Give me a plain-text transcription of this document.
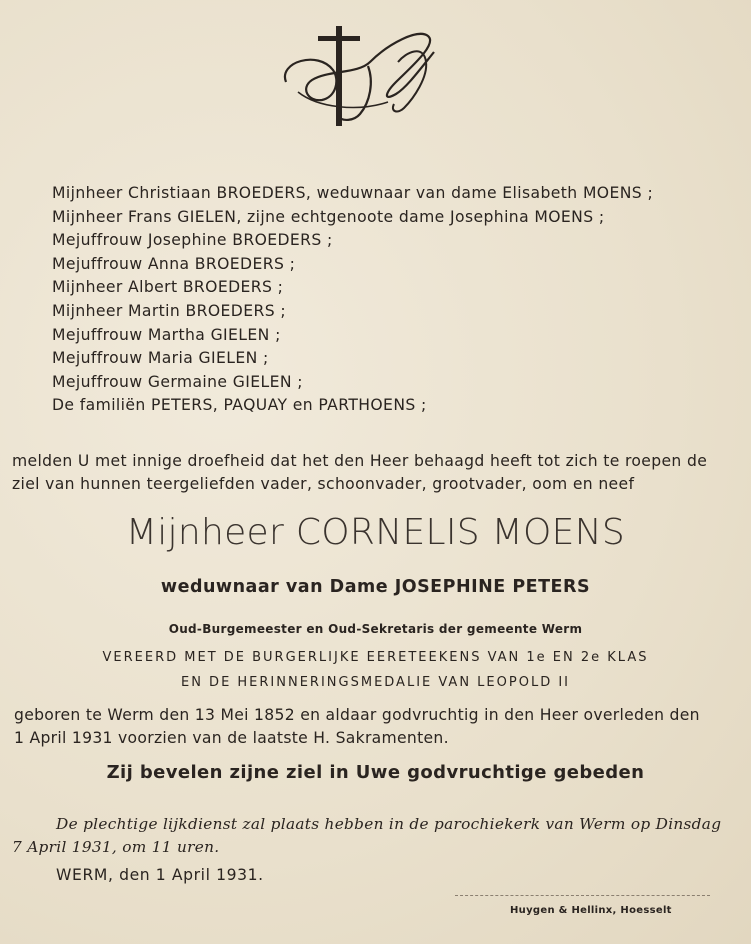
Mijnheer Christiaan BROEDERS, weduwnaar van dame Elisabeth MOENS ;
Mijnheer Frans GIELEN, zijne echtgenoote dame Josephina MOENS ;
Mejuffrouw Josephine BROEDERS ;
Mejuffrouw Anna BROEDERS ;
Mijnheer Albert BROEDERS ;
Mijnheer Martin BROEDERS ;
Mejuffrouw Martha GIELEN ;
Mejuffrouw Maria GIELEN ;
Mejuffrouw Germaine GIELEN ;
De familiën PETERS, PAQUAY en PARTHOENS ;
melden U met innige droefheid dat het den Heer behaagd heeft tot zich te roepen de
ziel van hunnen teergeliefden vader, schoonvader, grootvader, oom en neef
Mijnheer CORNELIS MOENS
weduwnaar van Dame JOSEPHINE PETERS
Oud-Burgemeester en Oud-Sekretaris der gemeente Werm
VEREERD MET DE BURGERLIJKE EERETEEKENS VAN 1e EN 2e KLAS
EN DE HERINNERINGSMEDALIE VAN LEOPOLD II
geboren te Werm den 13 Mei 1852 en aldaar godvruchtig in den Heer overleden den
1 April 1931 voorzien van de laatste H. Sakramenten.
Zij bevelen zijne ziel in Uwe godvruchtige gebeden
De plechtige lijkdienst zal plaats hebben in de parochiekerk van Werm op Dinsdag
7 April 1931, om 11 uren.
WERM, den 1 April 1931.
Huygen & Hellinx, Hoesselt
